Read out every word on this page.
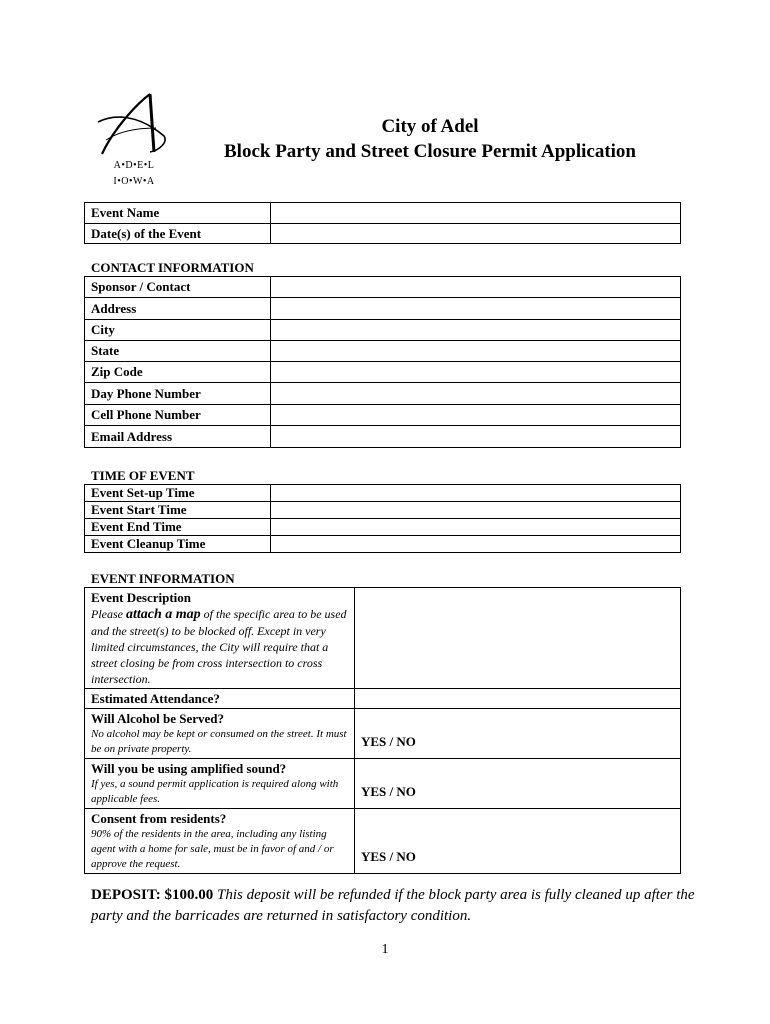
A•D•E•L
I•O•W•A
City of Adel
Block Party and Street Closure Permit Application
Event Name	
Date(s) of the Event	
CONTACT INFORMATION
Sponsor / Contact	
Address	
City	
State	
Zip Code	
Day Phone Number	
Cell Phone Number	
Email Address	
TIME OF EVENT
Event Set-up Time	
Event Start Time	
Event End Time	
Event Cleanup Time	
EVENT INFORMATION
Event Description
Please attach a map of the specific area to be used and the street(s) to be blocked off. Except in very limited circumstances, the City will require that a street closing be from cross intersection to cross intersection.	

Estimated Attendance?	

Will Alcohol be Served?
No alcohol may be kept or consumed on the street. It must be on private property.	YES / NO

Will you be using amplified sound?
If yes, a sound permit application is required along with applicable fees.	YES / NO

Consent from residents?
90% of the residents in the area, including any listing agent with a home for sale, must be in favor of and / or approve the request.	YES / NO
DEPOSIT: $100.00 This deposit will be refunded if the block party area is fully cleaned up after the party and the barricades are returned in satisfactory condition.
1
